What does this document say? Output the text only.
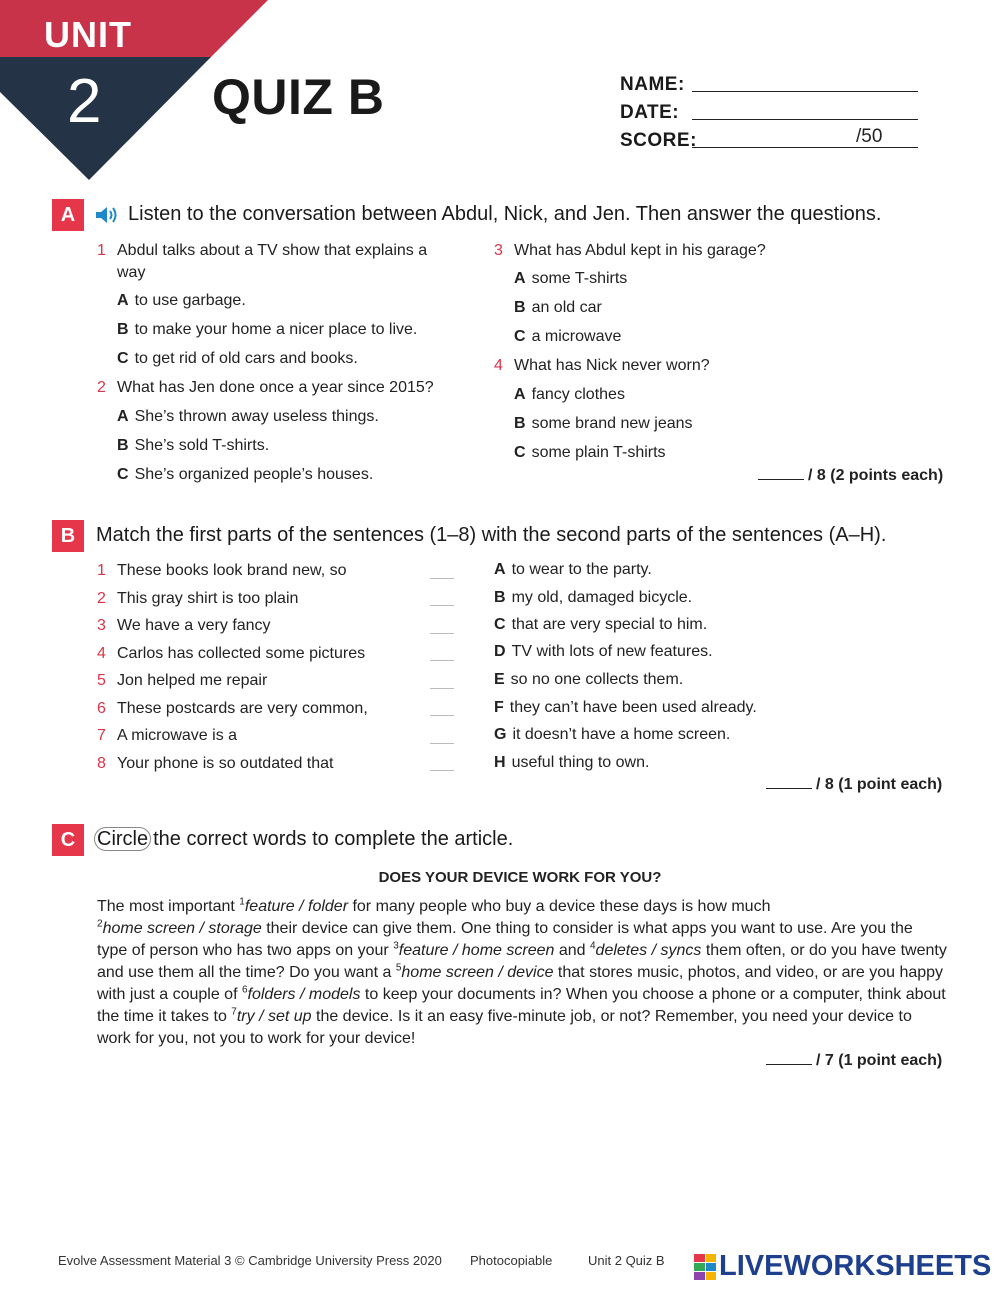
UNIT
2 QUIZ B	NAME:
DATE:
SCORE:	/50
A	Listen to the conversation between Abdul, Nick, and Jen. Then answer the questions.
1 Abdul talks about a TV show that explains a
way
A to use garbage.
B to make your home a nicer place to live.
C to get rid of old cars and books.
2 What has Jen done once a year since 2015?
A She’s thrown away useless things.
B She’s sold T-shirts.
C She’s organized people’s houses.
3 What has Abdul kept in his garage?
A some T-shirts
B an old car
C a microwave
4 What has Nick never worn?
A fancy clothes
B some brand new jeans
C some plain T-shirts
/ 8 (2 points each)
B	Match the first parts of the sentences (1–8) with the second parts of the sentences (A–H).
1 These books look brand new, so
2 This gray shirt is too plain
3 We have a very fancy
4 Carlos has collected some pictures
5 Jon helped me repair
6 These postcards are very common,
7 A microwave is a
8 Your phone is so outdated that
A to wear to the party.
B my old, damaged bicycle.
C that are very special to him.
D TV with lots of new features.
E so no one collects them.
F they can’t have been used already.
G it doesn’t have a home screen.
H useful thing to own.
/ 8 (1 point each)
C	Circle the correct words to complete the article.
DOES YOUR DEVICE WORK FOR YOU?
The most important $^1$feature / folder for many people who buy a device these days is how much
$^2$home screen / storage their device can give them. One thing to consider is what apps you want to use. Are you the type of person who has two apps on your $^3$feature / home screen and $^4$deletes / syncs them often, or do you have twenty and use them all the time? Do you want a $^5$home screen / device that stores music, photos, and video, or are you happy with just a couple of $^6$folders / models to keep your documents in? When you choose a phone or a computer, think about the time it takes to $^7$try / set up the device. Is it an easy five-minute job, or not? Remember, you need your device to work for you, not you to work for your device!
/ 7 (1 point each)
Evolve Assessment Material 3 © Cambridge University Press 2020 Photocopiable	Unit 2 Quiz B LIVEWORKSHEETS
